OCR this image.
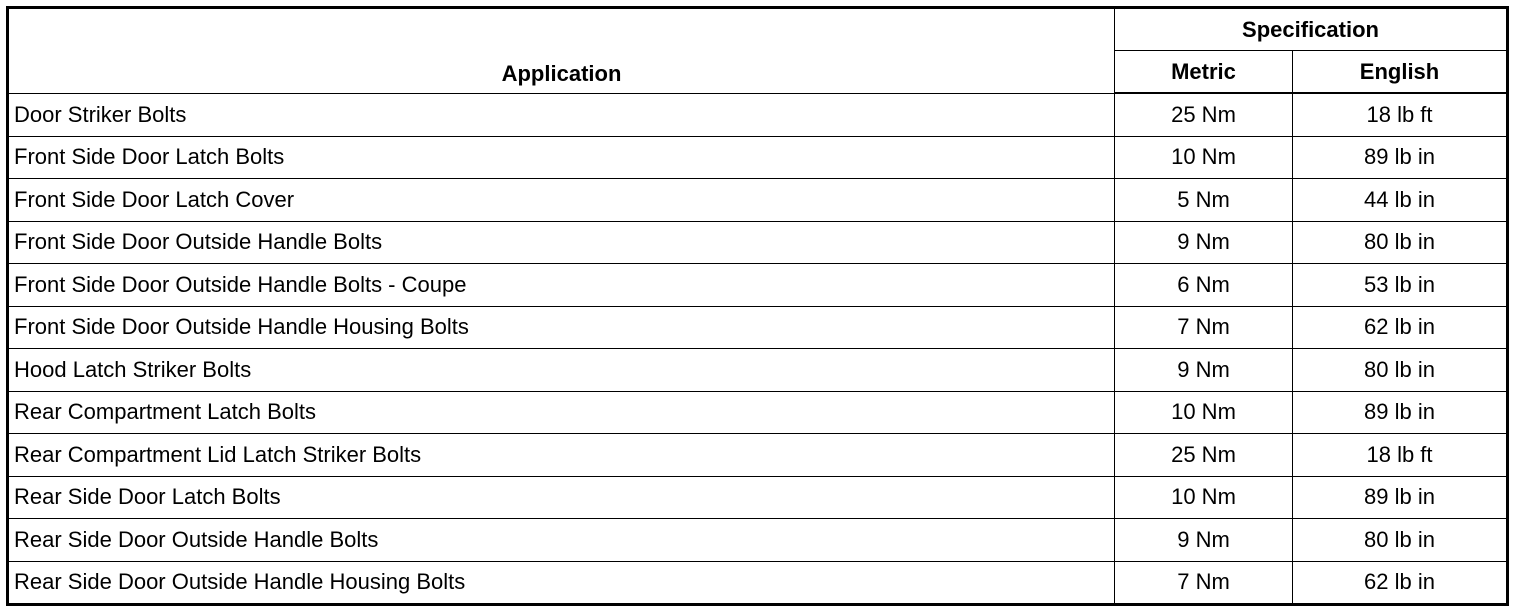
Application	Specification	
	Metric	English
Door Striker Bolts	25 Nm	18 lb ft
Front Side Door Latch Bolts	10 Nm	89 lb in
Front Side Door Latch Cover	5 Nm	44 lb in
Front Side Door Outside Handle Bolts	9 Nm	80 lb in
Front Side Door Outside Handle Bolts - Coupe	6 Nm	53 lb in
Front Side Door Outside Handle Housing Bolts	7 Nm	62 lb in
Hood Latch Striker Bolts	9 Nm	80 lb in
Rear Compartment Latch Bolts	10 Nm	89 lb in
Rear Compartment Lid Latch Striker Bolts	25 Nm	18 lb ft
Rear Side Door Latch Bolts	10 Nm	89 lb in
Rear Side Door Outside Handle Bolts	9 Nm	80 lb in
Rear Side Door Outside Handle Housing Bolts	7 Nm	62 lb in
